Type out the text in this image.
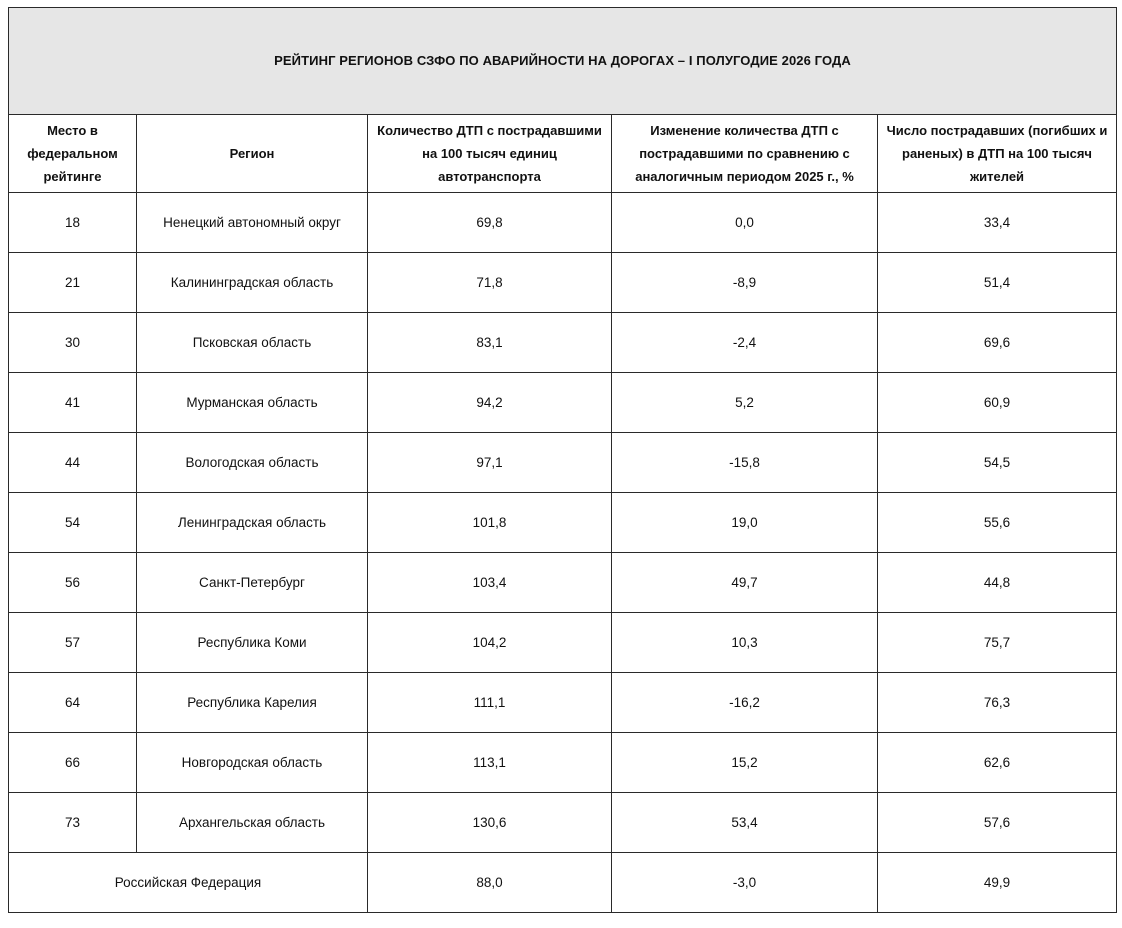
РЕЙТИНГ РЕГИОНОВ СЗФО ПО АВАРИЙНОСТИ НА ДОРОГАХ – I ПОЛУГОДИЕ 2026 ГОДА				
Место в федеральном рейтинге	Регион	Количество ДТП с пострадавшими на 100 тысяч единиц автотранспорта	Изменение количества ДТП с пострадавшими по сравнению с аналогичным периодом 2025 г., %	Число пострадавших (погибших и раненых) в ДТП на 100 тысяч жителей
18	Ненецкий автономный округ	69,8	0,0	33,4
21	Калининградская область	71,8	-8,9	51,4
30	Псковская область	83,1	-2,4	69,6
41	Мурманская область	94,2	5,2	60,9
44	Вологодская область	97,1	-15,8	54,5
54	Ленинградская область	101,8	19,0	55,6
56	Санкт-Петербург	103,4	49,7	44,8
57	Республика Коми	104,2	10,3	75,7
64	Республика Карелия	111,1	-16,2	76,3
66	Новгородская область	113,1	15,2	62,6
73	Архангельская область	130,6	53,4	57,6
Российская Федерация		88,0	-3,0	49,9
